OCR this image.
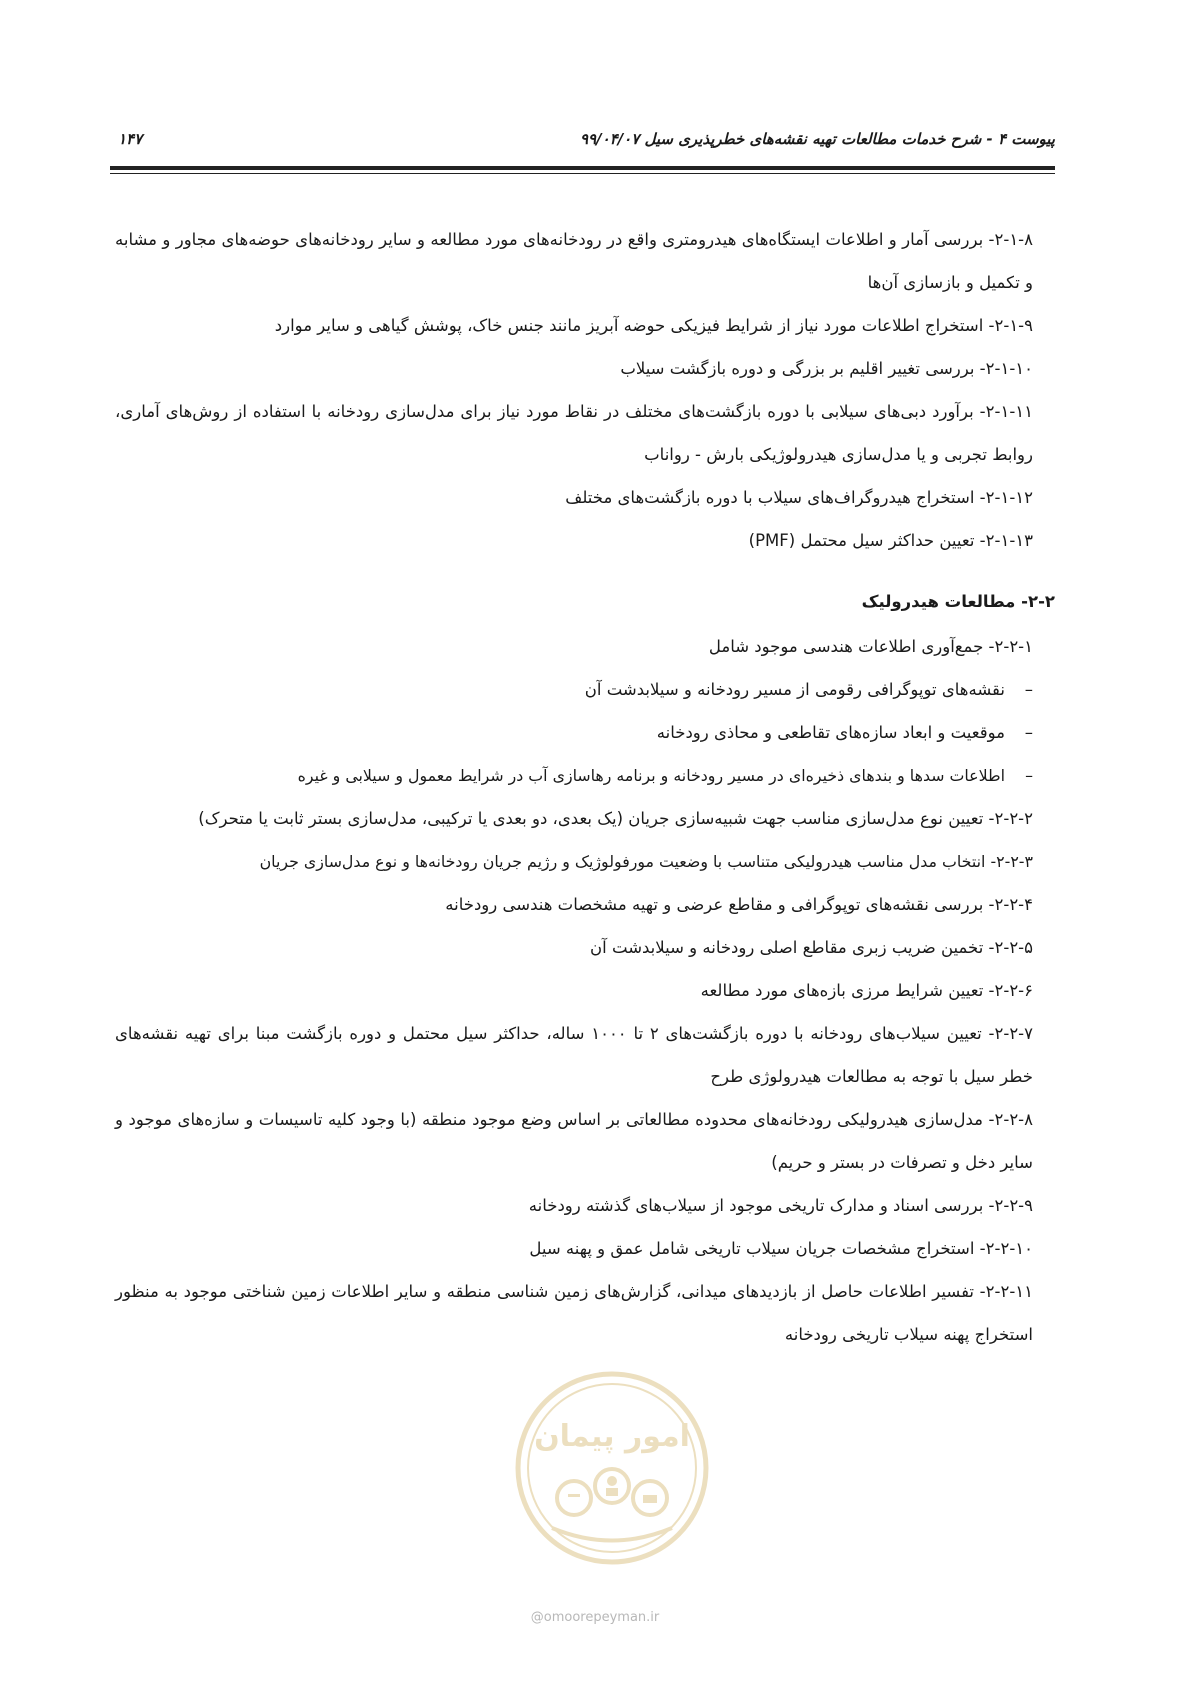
پیوست ۴ - شرح خدمات مطالعات تهیه نقشه‌های خطرپذیری سیل ۹۹/۰۴/۰۷
۱۴۷

۲-۱-۸- بررسی آمار و اطلاعات ایستگاه‌های هیدرومتری واقع در رودخانه‌های مورد مطالعه و سایر رودخانه‌های حوضه‌های مجاور و مشابه و تکمیل و بازسازی آن‌ها

۲-۱-۹- استخراج اطلاعات مورد نیاز از شرایط فیزیکی حوضه آبریز مانند جنس خاک، پوشش گیاهی و سایر موارد

۲-۱-۱۰- بررسی تغییر اقلیم بر بزرگی و دوره بازگشت سیلاب

۲-۱-۱۱- برآورد دبی‌های سیلابی با دوره بازگشت‌های مختلف در نقاط مورد نیاز برای مدل‌سازی رودخانه با استفاده از روش‌های آماری، روابط تجربی و یا مدل‌سازی هیدرولوژیکی بارش - رواناب

۲-۱-۱۲- استخراج هیدروگراف‌های سیلاب با دوره بازگشت‌های مختلف

۲-۱-۱۳- تعیین حداکثر سیل محتمل (PMF)

۲-۲- مطالعات هیدرولیک

۲-۲-۱- جمع‌آوری اطلاعات هندسی موجود شامل

–نقشه‌های توپوگرافی رقومی از مسیر رودخانه و سیلابدشت آن
–موقعیت و ابعاد سازه‌های تقاطعی و محاذی رودخانه
–اطلاعات سدها و بندهای ذخیره‌ای در مسیر رودخانه و برنامه رهاسازی آب در شرایط معمول و سیلابی و غیره

۲-۲-۲- تعیین نوع مدل‌سازی مناسب جهت شبیه‌سازی جریان (یک بعدی، دو بعدی یا ترکیبی، مدل‌سازی بستر ثابت یا متحرک)

۲-۲-۳- انتخاب مدل مناسب هیدرولیکی متناسب با وضعیت مورفولوژیک و رژیم جریان رودخانه‌ها و نوع مدل‌سازی جریان

۲-۲-۴- بررسی نقشه‌های توپوگرافی و مقاطع عرضی و تهیه مشخصات هندسی رودخانه

۲-۲-۵- تخمین ضریب زبری مقاطع اصلی رودخانه و سیلابدشت آن

۲-۲-۶- تعیین شرایط مرزی بازه‌های مورد مطالعه

۲-۲-۷- تعیین سیلاب‌های رودخانه با دوره بازگشت‌های ۲ تا ۱۰۰۰ ساله، حداکثر سیل محتمل و دوره بازگشت مبنا برای تهیه نقشه‌های خطر سیل با توجه به مطالعات هیدرولوژی طرح

۲-۲-۸- مدل‌سازی هیدرولیکی رودخانه‌های محدوده مطالعاتی بر اساس وضع موجود منطقه (با وجود کلیه تاسیسات و سازه‌های موجود و سایر دخل و تصرفات در بستر و حریم)

۲-۲-۹- بررسی اسناد و مدارک تاریخی موجود از سیلاب‌های گذشته رودخانه

۲-۲-۱۰- استخراج مشخصات جریان سیلاب تاریخی شامل عمق و پهنه سیل

۲-۲-۱۱- تفسیر اطلاعات حاصل از بازدیدهای میدانی، گزارش‌های زمین شناسی منطقه و سایر اطلاعات زمین شناختی موجود به منظور استخراج پهنه سیلاب تاریخی رودخانه

امور پیمان
@omoorepeyman.ir
